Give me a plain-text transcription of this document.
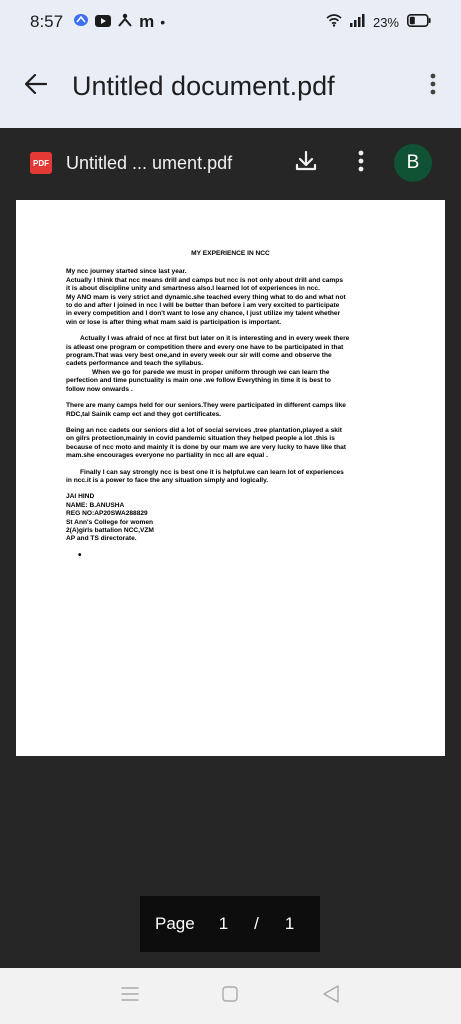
8:57	m •	23%
Untitled document.pdf
PDF Untitled ... ument.pdf	B
MY EXPERIENCE IN NCC

My ncc journey started since last year.

Actually I think that ncc means drill and camps but ncc is not only about drill and camps

it is about discipline unity and smartness also.I learned lot of experiences in ncc.

My ANO mam is very strict and dynamic.she teached every thing what to do and what not

to do and after I joined in ncc I will be better than before i am very excited to participate

in every competition and I don't want to lose any chance, I just utilize my talent whether

win or lose is after thing what mam said is participation is important.

Actually I was afraid of ncc at first but later on it is interesting and in every week there

is atleast one program or competition there and every one have to be participated in that

program.That was very best one,and in every week our sir will come and observe the

cadets performance and teach the syllabus.

When we go for parede we must in proper uniform through we can learn the

perfection and time punctuality is main one .we follow Everything in time it is best to

follow now onwards .

There are many camps held for our seniors.They were participated in different camps like

RDC,tal Sainik camp ect and they got certificates.

Being an ncc cadets our seniors did a lot of social services ,tree plantation,played a skit

on gilrs protection,mainly in covid pandemic situation they helped people a lot .this is

because of ncc moto and mainly it is done by our mam we are very lucky to have like that

mam.she encourages everyone no partiality in ncc all are equal .

Finally I can say strongly ncc is best one it is helpful.we can learn lot of experiences

in ncc.it is a power to face the any situation simply and logically.

JAI HIND

NAME: B.ANUSHA

REG NO:AP20SWA288829

St Ann's College for women

2(A)girls battalion NCC,VZM

AP and TS directorate.

•
Page 1 / 1
